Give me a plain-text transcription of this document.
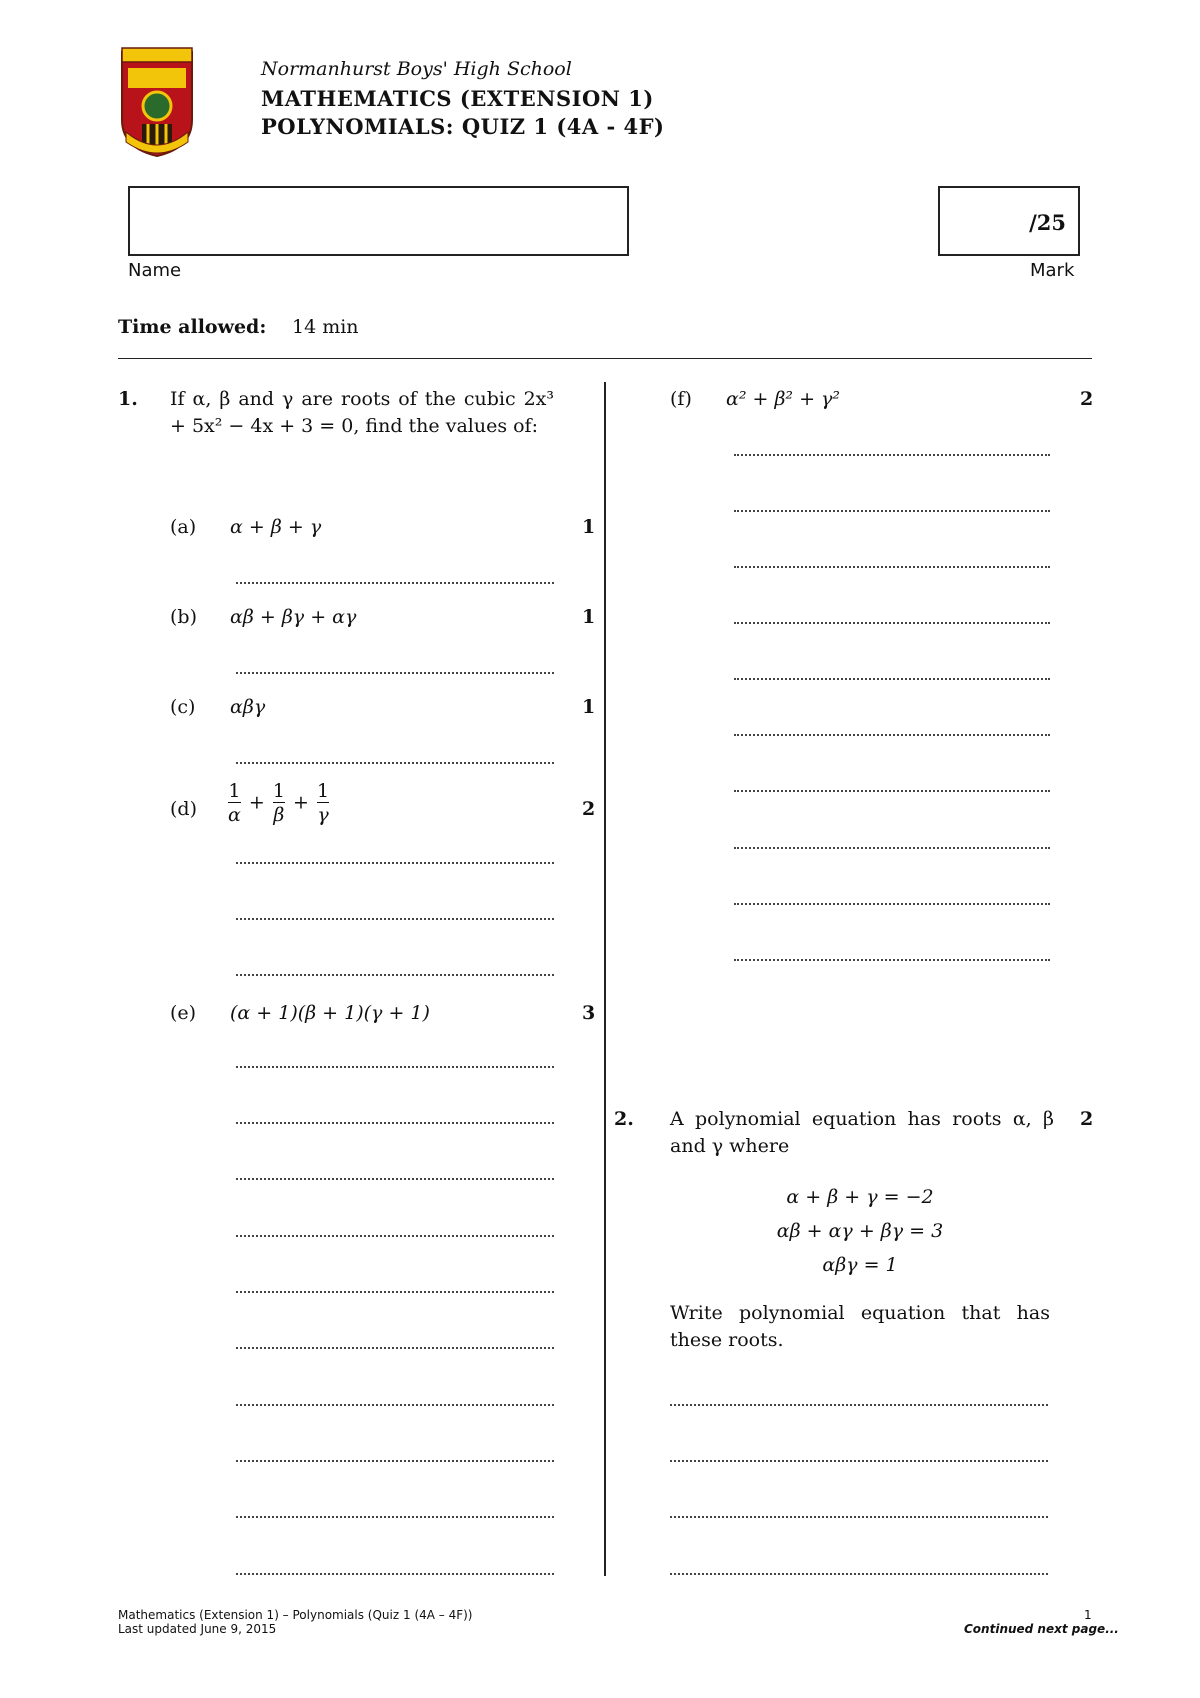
Normanhurst Boys' High School
MATHEMATICS (EXTENSION 1)
POLYNOMIALS: QUIZ 1 (4A - 4F)
Name
/25
Mark
Time allowed: 14 min
1. If α, β and γ are roots of the cubic 2x³ + 5x² − 4x + 3 = 0, find the values of:
(a) α + β + γ	1
(b) αβ + βγ + αγ	1
(c) αβγ	1
$(d) \frac{1}{\alpha} + \frac{1}{\beta} + \frac{1}{\gamma}$	2
(e) (α + 1)(β + 1)(γ + 1)	3
(f) α² + β² + γ²	2
2. A polynomial equation has roots α, β and γ where
2
α + β + γ = −2
αβ + αγ + βγ = 3
αβγ = 1
Write polynomial equation that has these roots.
Mathematics (Extension 1) – Polynomials (Quiz 1 (4A – 4F))
Last updated June 9, 2015
1
Continued next page...
